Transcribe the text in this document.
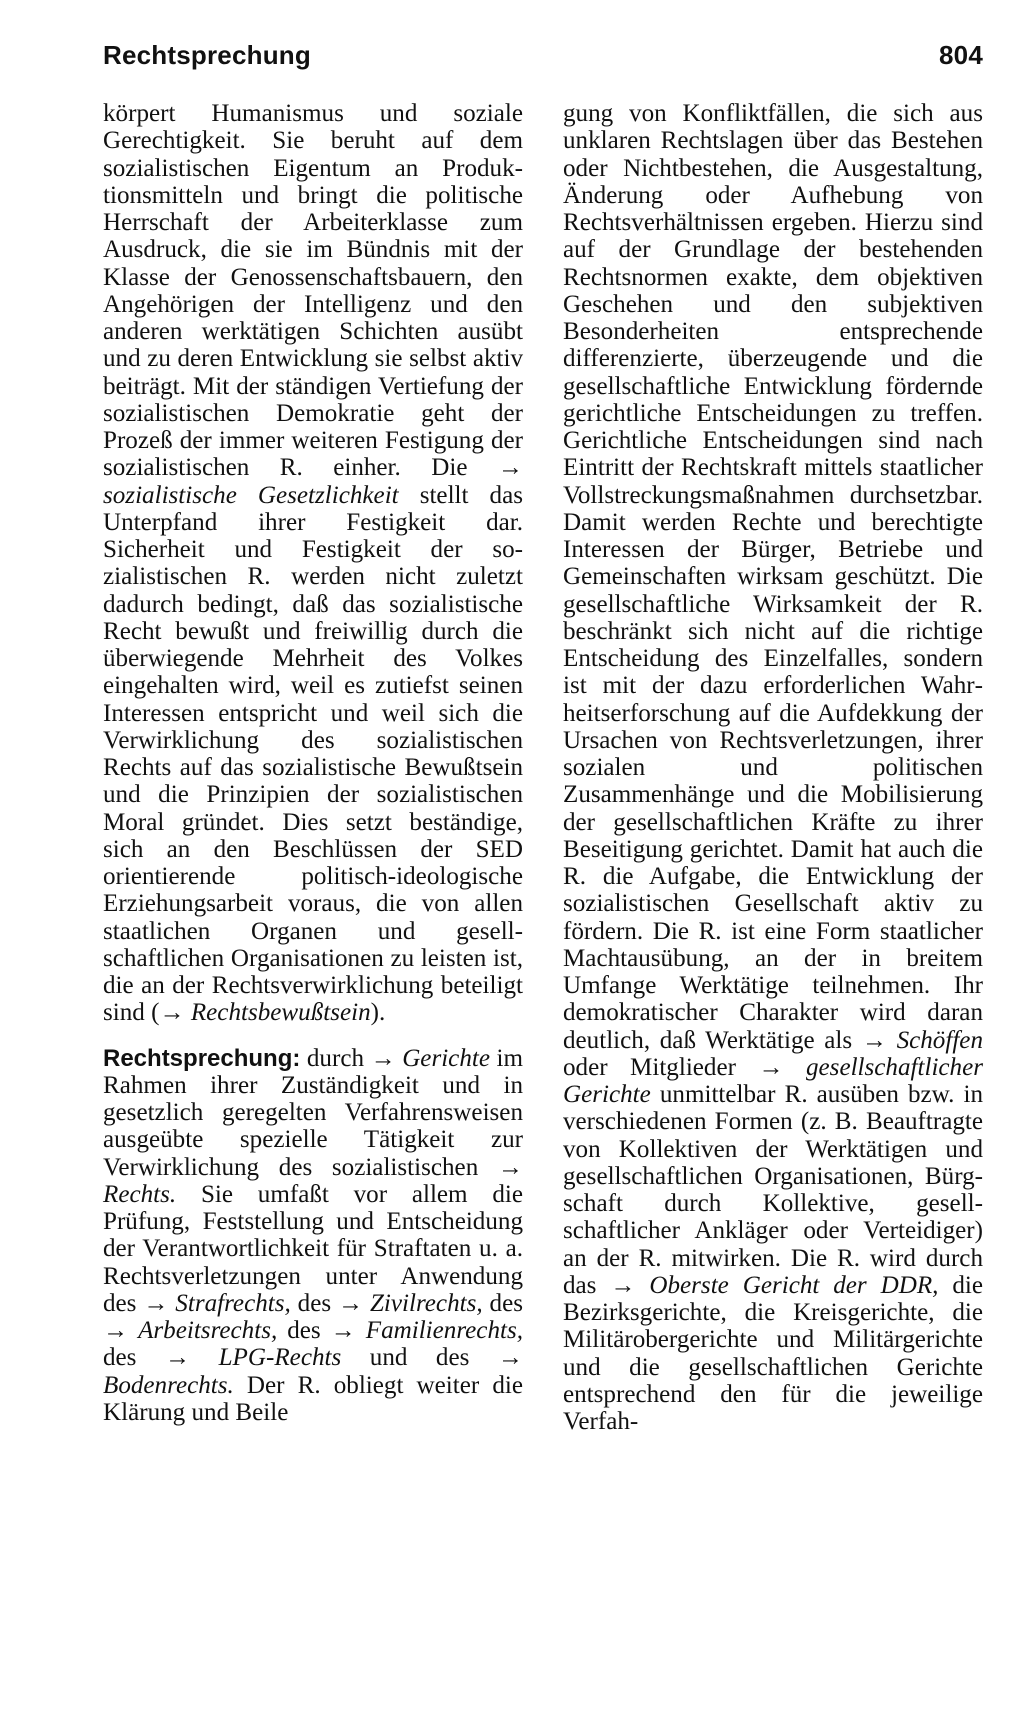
Rechtsprechung	804

körpert Humanismus und soziale Gerechtigkeit. Sie beruht auf dem sozialistischen Eigentum an Produktionsmitteln und bringt die politische Herrschaft der Arbeiterklasse zum Ausdruck, die sie im Bündnis mit der Klasse der Genossenschaftsbauern, den Angehörigen der Intelligenz und den anderen werktätigen Schichten ausübt und zu deren Entwicklung sie selbst aktiv beiträgt. Mit der ständigen Vertiefung der sozialistischen Demokratie geht der Prozeß der immer weiteren Festigung der sozialistischen R. einher. Die → sozialistische Gesetzlichkeit stellt das Unterpfand ihrer Festigkeit dar. Sicherheit und Festigkeit der sozialistischen R. werden nicht zuletzt dadurch bedingt, daß das sozialistische Recht bewußt und freiwillig durch die überwiegende Mehrheit des Volkes eingehalten wird, weil es zutiefst seinen Interessen entspricht und weil sich die Verwirklichung des sozialistischen Rechts auf das sozialistische Bewußtsein und die Prinzipien der sozialistischen Moral gründet. Dies setzt beständige, sich an den Beschlüssen der SED orientierende politisch-ideologische Erziehungsarbeit voraus, die von allen staatlichen Organen und gesellschaftlichen Organisationen zu leisten ist, die an der Rechtsverwirklichung beteiligt sind (→ Rechtsbewußtsein).

Rechtsprechung: durch → Gerichte im Rahmen ihrer Zuständigkeit und in gesetzlich geregelten Verfahrensweisen ausgeübte spezielle Tätigkeit zur Verwirklichung des sozialistischen → Rechts. Sie umfaßt vor allem die Prüfung, Feststellung und Entscheidung der Verantwortlichkeit für Straftaten u. a. Rechtsverletzungen unter Anwendung des → Strafrechts, des → Zivilrechts, des → Arbeitsrechts, des → Familienrechts, des → LPG-Rechts und des → Bodenrechts. Der R. obliegt weiter die Klärung und Beile

gung von Konfliktfällen, die sich aus unklaren Rechtslagen über das Bestehen oder Nichtbestehen, die Ausgestaltung, Änderung oder Aufhebung von Rechtsverhältnissen ergeben. Hierzu sind auf der Grundlage der bestehenden Rechtsnormen exakte, dem objektiven Geschehen und den subjektiven Besonderheiten entsprechende differenzierte, überzeugende und die gesellschaftliche Entwicklung fördernde gerichtliche Entscheidungen zu treffen. Gerichtliche Entscheidungen sind nach Eintritt der Rechtskraft mittels staatlicher Vollstreckungsmaßnahmen durchsetzbar. Damit werden Rechte und berechtigte Interessen der Bürger, Betriebe und Gemeinschaften wirksam geschützt. Die gesellschaftliche Wirksamkeit der R. beschränkt sich nicht auf die richtige Entscheidung des Einzelfalles, sondern ist mit der dazu erforderlichen Wahrheitserforschung auf die Aufdekkung der Ursachen von Rechtsverletzungen, ihrer sozialen und politischen Zusammenhänge und die Mobilisierung der gesellschaftlichen Kräfte zu ihrer Beseitigung gerichtet. Damit hat auch die R. die Aufgabe, die Entwicklung der sozialistischen Gesellschaft aktiv zu fördern. Die R. ist eine Form staatlicher Machtausübung, an der in breitem Umfange Werktätige teilnehmen. Ihr demokratischer Charakter wird daran deutlich, daß Werktätige als → Schöffen oder Mitglieder → gesellschaftlicher Gerichte unmittelbar R. ausüben bzw. in verschiedenen Formen (z. B. Beauftragte von Kollektiven der Werktätigen und gesellschaftlichen Organisationen, Bürgschaft durch Kollektive, gesellschaftlicher Ankläger oder Verteidiger) an der R. mitwirken. Die R. wird durch das → Oberste Gericht der DDR, die Bezirksgerichte, die Kreisgerichte, die Militärobergerichte und Militärgerichte und die gesellschaftlichen Gerichte entsprechend den für die jeweilige Verfah-
